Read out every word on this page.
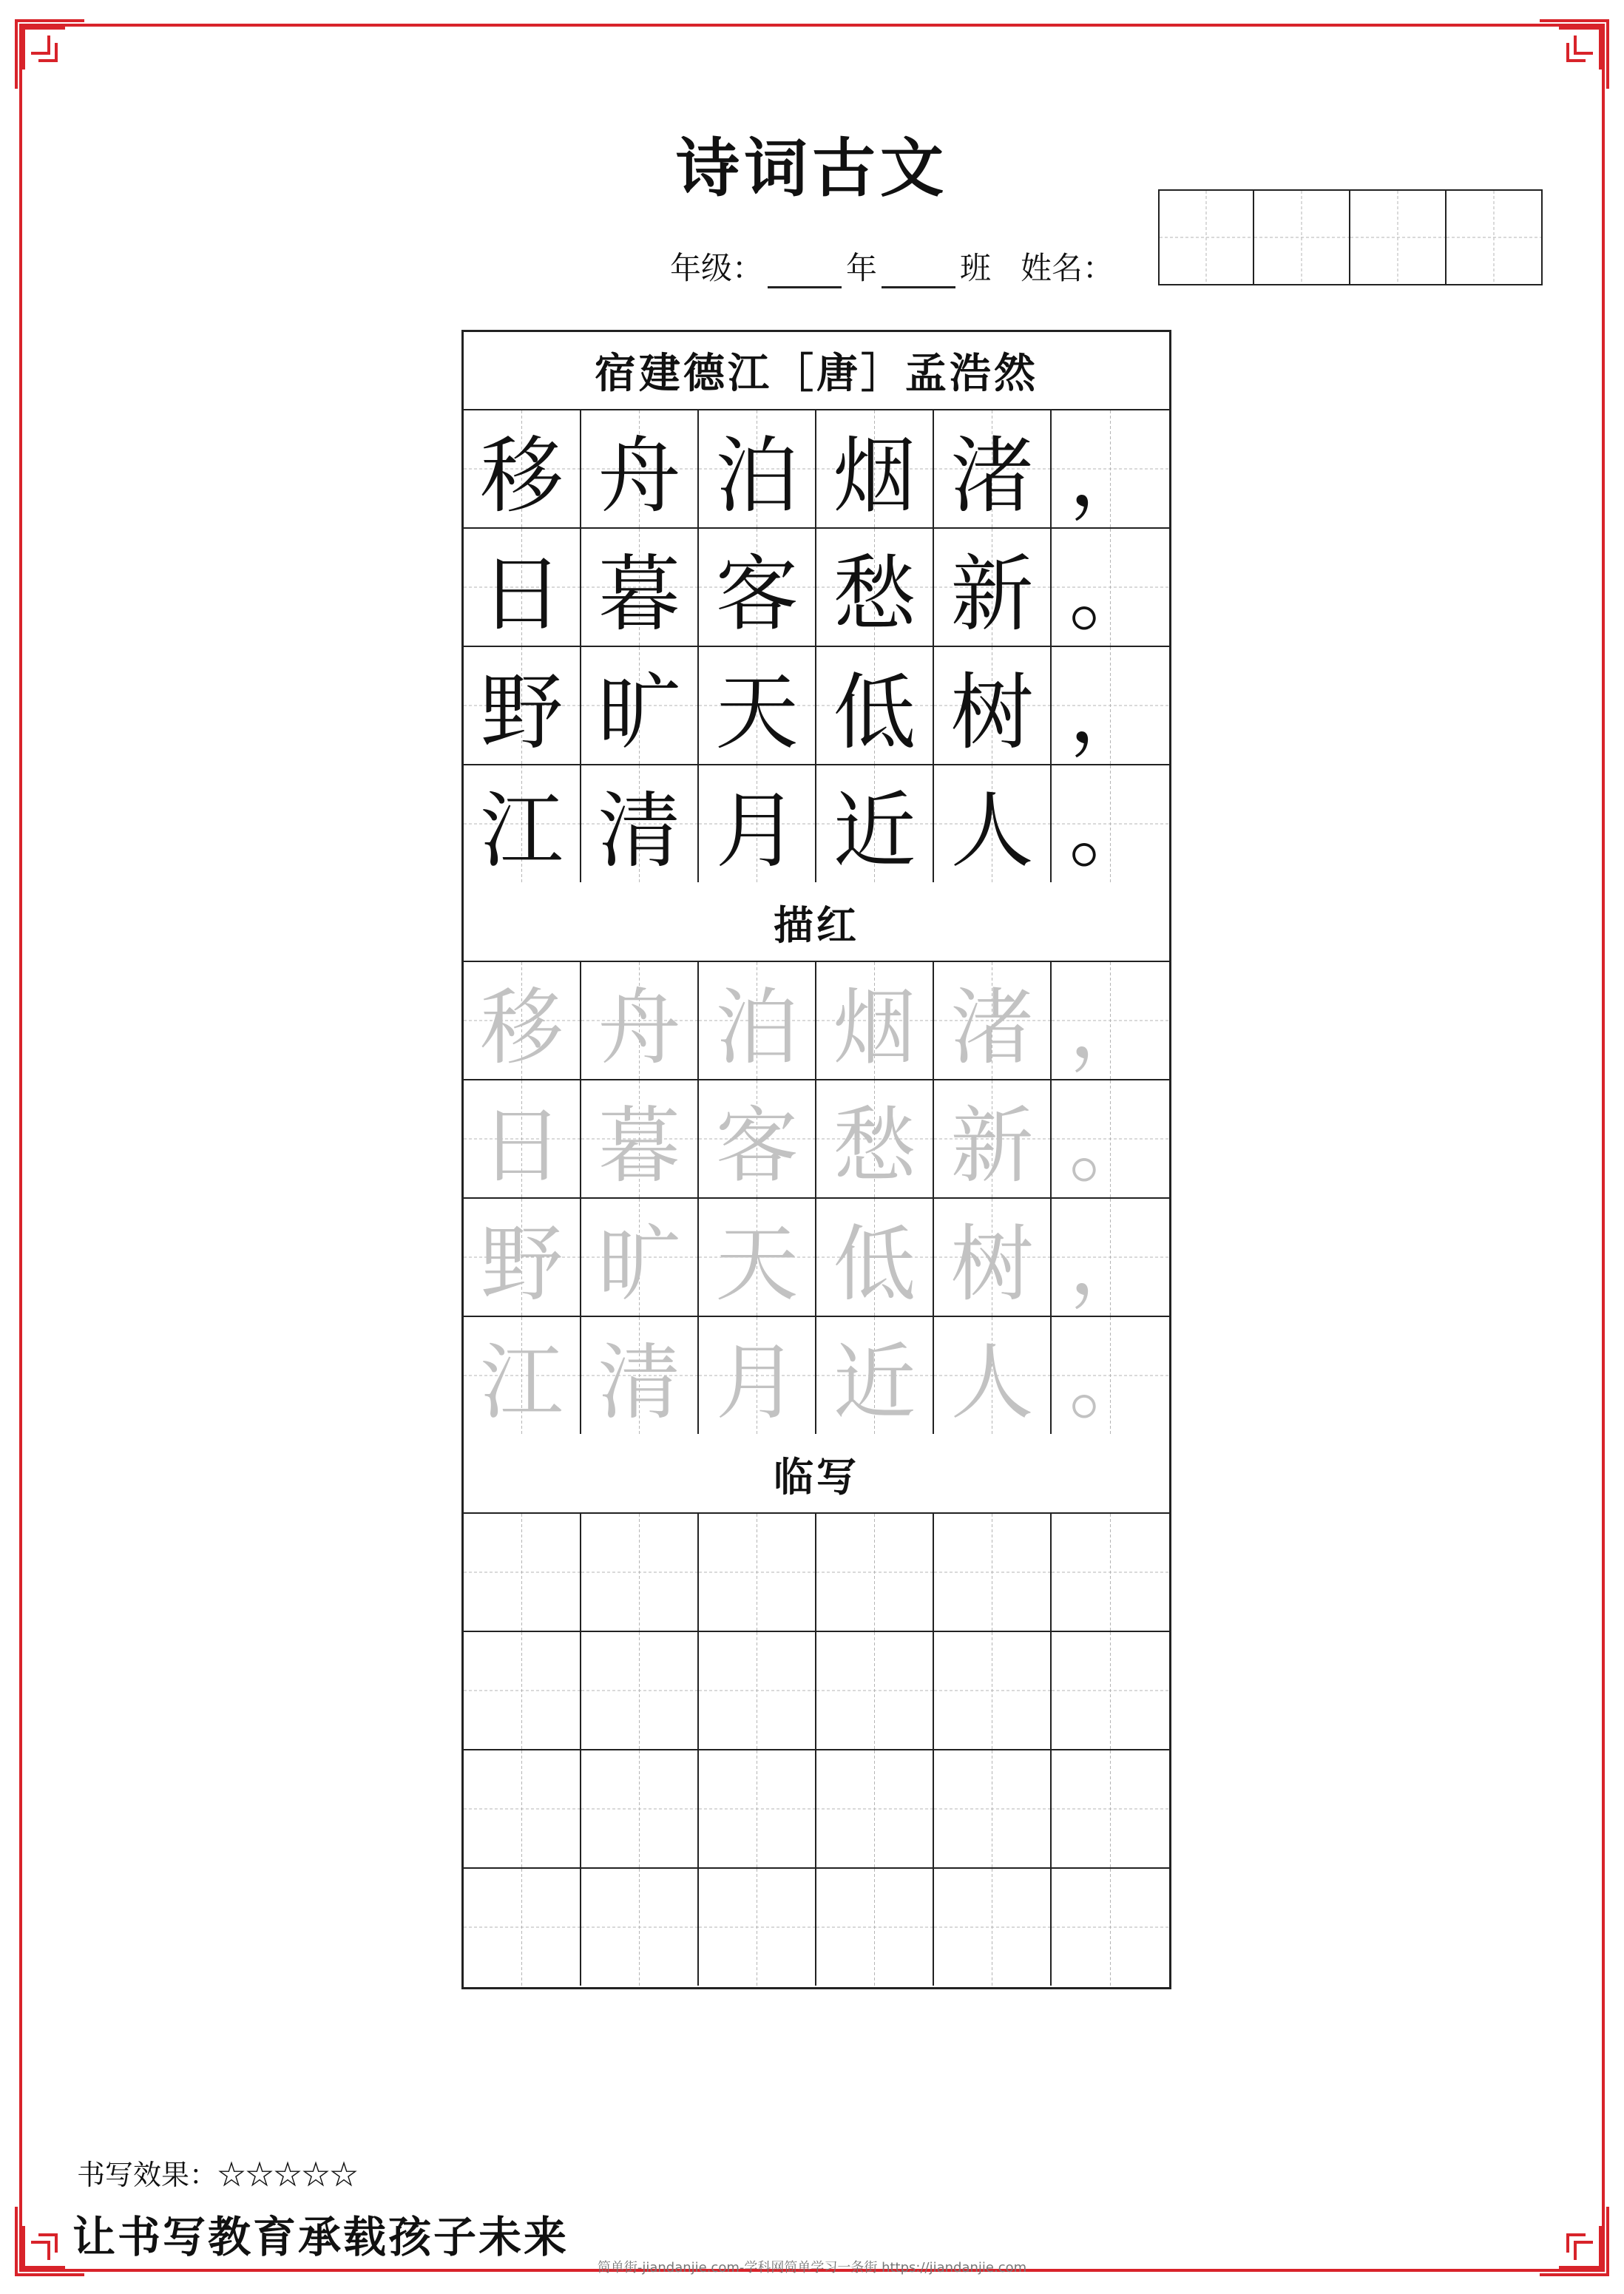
诗词古文
年级：	年	班 姓名：
宿建德江［唐］孟浩然
移 舟 泊 烟 渚 ，
日 暮 客 愁 新 。
野 旷 天 低 树 ，
江 清 月 近 人 。
描红
移 舟 泊 烟 渚 ，
日 暮 客 愁 新 。
野 旷 天 低 树 ，
江 清 月 近 人 。
临写
书写效果：☆☆☆☆☆
让书写教育承载孩子未来
简单街-jiandanjie.com-学科网简单学习一条街 https://jiandanjie.com
